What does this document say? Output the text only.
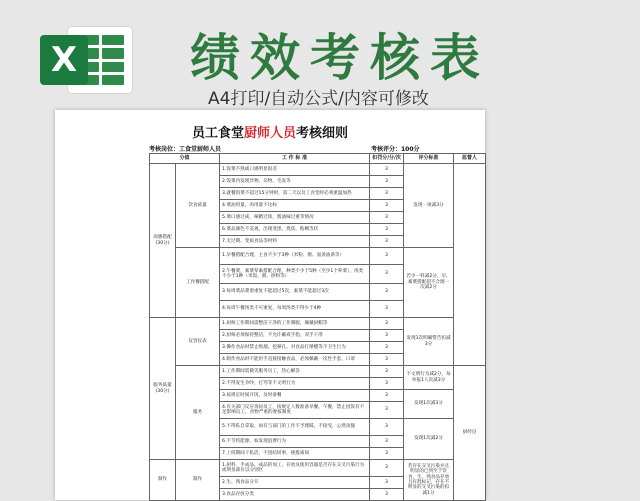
X 绩效考核表
A4打印/自动公式/内容可修改
员工食堂厨师人员考核细则
考核岗位：工食堂厨师人员	考核评分：100分
分值		工 作 标 准	扣罚分/分/次	评分标准	监督人
岗膳搭配
(30分)	饮食质量	1.饭菜不熟或口感明显很差	3	发现一项减3分	
		2.饭菜内发现异物、杂物、毛发等	3		
		3.就餐饭菜不超过15分钟时，第二天以员工食堂时必须重温加热	3		
		4.菜油用量，肉用量不达标	3		
		5.菜口感过咸，味精过浓，酱油味过重等情况	3		
		6.菜品颜色不美观，出现变黑、烧焦、粘稠等状	3		
		7.无过期、变质食品等材料	3		
	工作餐搭配	1.早餐搭配合理，主食不少于3种（米粉、粥、面条油条等）	3	若少一样减2分，早、素菜搭配超不合理一次减2分	
		2.午餐菜，素菜荤素搭配合理，种类不少于5种（至少1个荤菜），汤类不少于1种（米饭、粥、炒粉等）	3		
		3.每周菜品菜谱重复不能超过5次，素菜不能超过3次	3		
		4.每周午餐汤类不可重复，每周汤类不得少于4种	3		
服务质量
(30分)	仪容仪表	1.厨师工作期间需整洁干净的工作制服，佩戴厨帽等	3	发现1次明确警告扣减3分	
		2.厨师必须保持整洁，不允许戴戒手指，双手干净	3		
		3.操作食品时禁止吸烟、挖鼻孔、对食品打喷嚏等不卫生行为	3		
		4.制作食品时不能用手直接接触食品，必须佩戴一次性手套、口罩	3		
	服务	1.工作期间需微笑服务员工，热心解答	3	不文明行为减2分，每举报1人次减3分	厨经良
		2.不得发生争吵，打骂等不文明行为	3		
		3.按规定时间开饭，及时备餐	3	发现1次减3分	
		4.有关部门反应询问员工，按规定人数准备早餐、午餐，禁止因饭有不足影响员工，食物严重的要按制度	3		
		5.不得私自拿取，如有与部门的工作不予理睬，不接受，公然顶撞	3	发现1次减2分	
		6.不节约能源，如发现浪费行为	3		
		7.上班期间干私活，不团结同事，挑拨离间	3		
制作	制作	1.厨料、半成品、成品的加工、存放及使用容器是否存在交叉污染行为或明显部位以分别区	3	若存在交叉污染并且明显的已到至于饮食，生、熟食品存放且有混标记，存在不明显的交叉污染的扣减1分	
		2.生、熟食品分开	3		
		3.食品存放分类	3		
